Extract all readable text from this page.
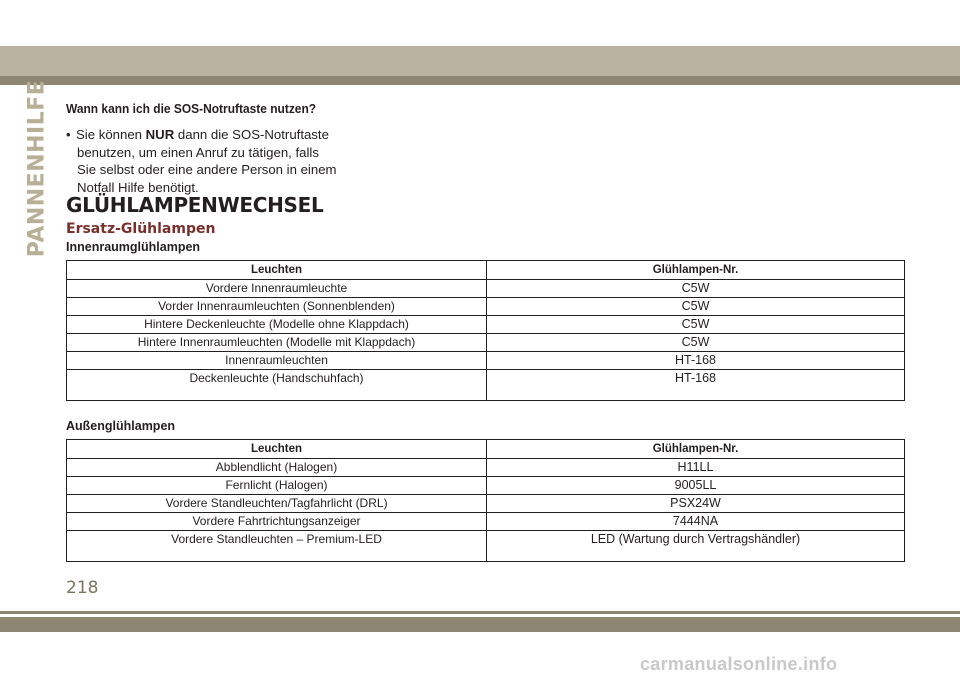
PANNENHILFE Wann kann ich die SOS-Notruftaste nutzen?
• Sie können NUR dann die SOS-Notruftaste
benutzen, um einen Anruf zu tätigen, falls
Sie selbst oder eine andere Person in einem
Notfall Hilfe benötigt.
GLÜHLAMPENWECHSEL
Ersatz-Glühlampen
Innenraumglühlampen
Leuchten	Glühlampen-Nr.
Vordere Innenraumleuchte	C5W
Vorder Innenraumleuchten (Sonnenblenden)	C5W
Hintere Deckenleuchte (Modelle ohne Klappdach)	C5W
Hintere Innenraumleuchten (Modelle mit Klappdach)	C5W
Innenraumleuchten	HT-168
Deckenleuchte (Handschuhfach)	HT-168
Außenglühlampen
Leuchten	Glühlampen-Nr.
Abblendlicht (Halogen)	H11LL
Fernlicht (Halogen)	9005LL
Vordere Standleuchten/Tagfahrlicht (DRL)	PSX24W
Vordere Fahrtrichtungsanzeiger	7444NA
Vordere Standleuchten – Premium-LED	LED (Wartung durch Vertragshändler)
218
carmanualsonline.info
